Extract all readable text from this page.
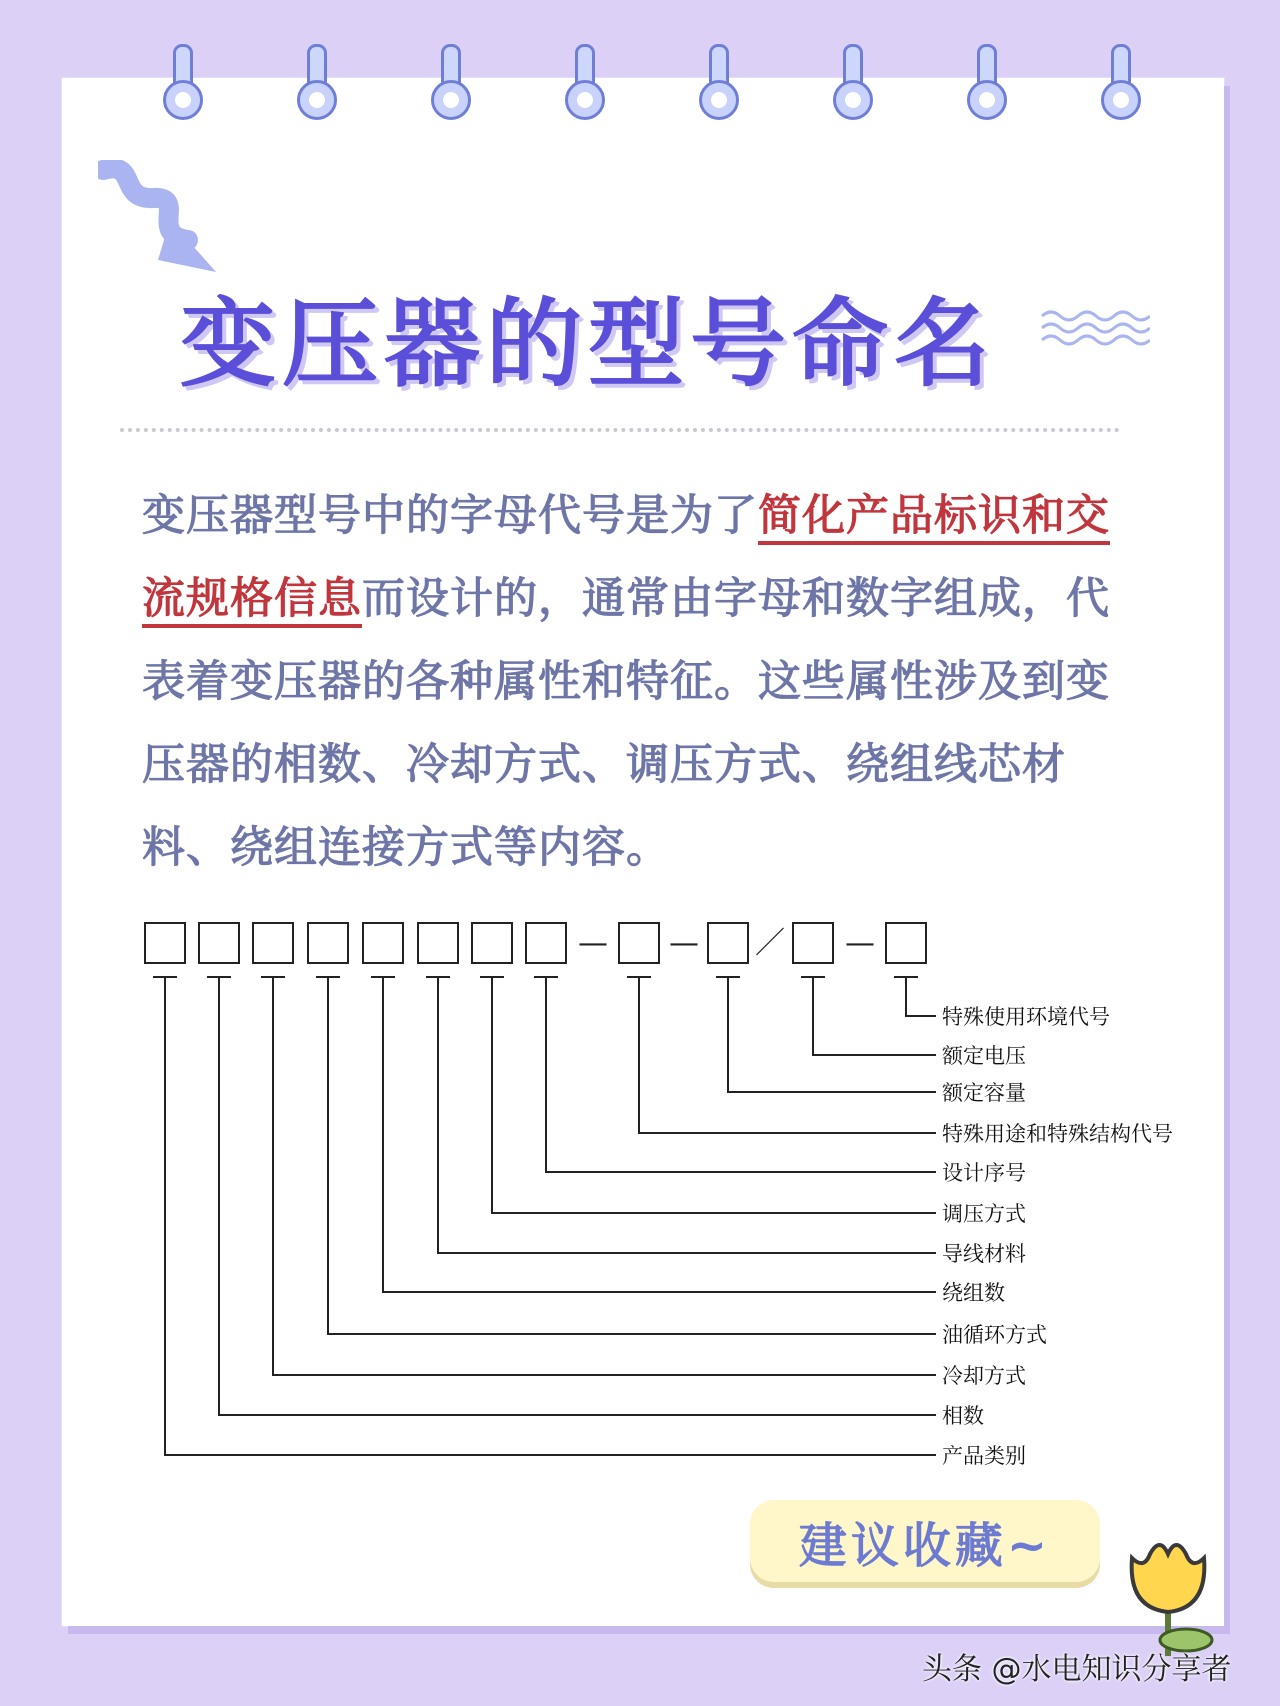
变压器的型号命名
变压器型号中的字母代号是为了简化产品标识和交流规格信息而设计的，通常由字母和数字组成，代表着变压器的各种属性和特征。这些属性涉及到变压器的相数、冷却方式、调压方式、绕组线芯材料、绕组连接方式等内容。
— — ／ —
特殊使用环境代号
额定电压
额定容量
特殊用途和特殊结构代号
设计序号
调压方式
导线材料
绕组数
油循环方式
冷却方式
相数
产品类别
建议收藏~
头条 @水电知识分享者
